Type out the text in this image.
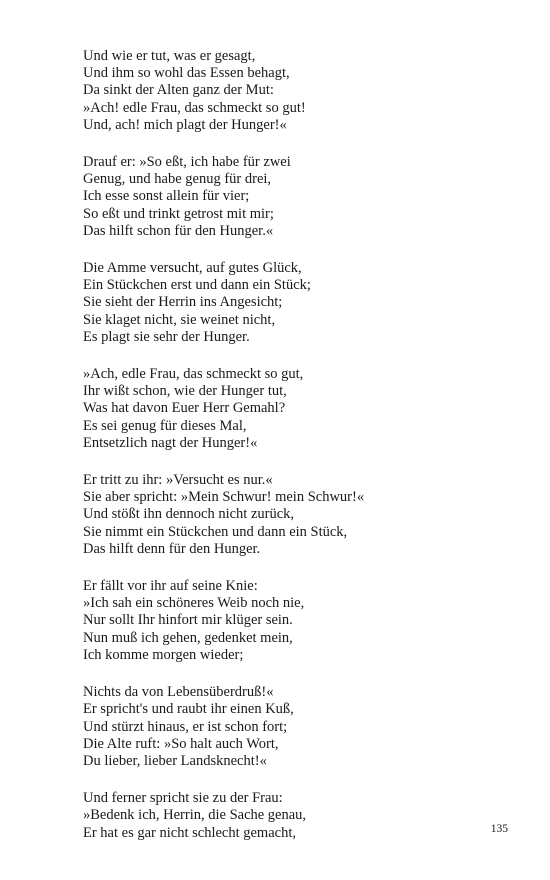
Und wie er tut, was er gesagt,
Und ihm so wohl das Essen behagt,
Da sinkt der Alten ganz der Mut:
»Ach! edle Frau, das schmeckt so gut!
Und, ach! mich plagt der Hunger!«
Drauf er: »So eßt, ich habe für zwei
Genug, und habe genug für drei,
Ich esse sonst allein für vier;
So eßt und trinkt getrost mit mir;
Das hilft schon für den Hunger.«
Die Amme versucht, auf gutes Glück,
Ein Stückchen erst und dann ein Stück;
Sie sieht der Herrin ins Angesicht;
Sie klaget nicht, sie weinet nicht,
Es plagt sie sehr der Hunger.
»Ach, edle Frau, das schmeckt so gut,
Ihr wißt schon, wie der Hunger tut,
Was hat davon Euer Herr Gemahl?
Es sei genug für dieses Mal,
Entsetzlich nagt der Hunger!«
Er tritt zu ihr: »Versucht es nur.«
Sie aber spricht: »Mein Schwur! mein Schwur!«
Und stößt ihn dennoch nicht zurück,
Sie nimmt ein Stückchen und dann ein Stück,
Das hilft denn für den Hunger.
Er fällt vor ihr auf seine Knie:
»Ich sah ein schöneres Weib noch nie,
Nur sollt Ihr hinfort mir klüger sein.
Nun muß ich gehen, gedenket mein,
Ich komme morgen wieder;
Nichts da von Lebensüberdruß!«
Er spricht's und raubt ihr einen Kuß,
Und stürzt hinaus, er ist schon fort;
Die Alte ruft: »So halt auch Wort,
Du lieber, lieber Landsknecht!«
Und ferner spricht sie zu der Frau:
»Bedenk ich, Herrin, die Sache genau,
Er hat es gar nicht schlecht gemacht,	135
